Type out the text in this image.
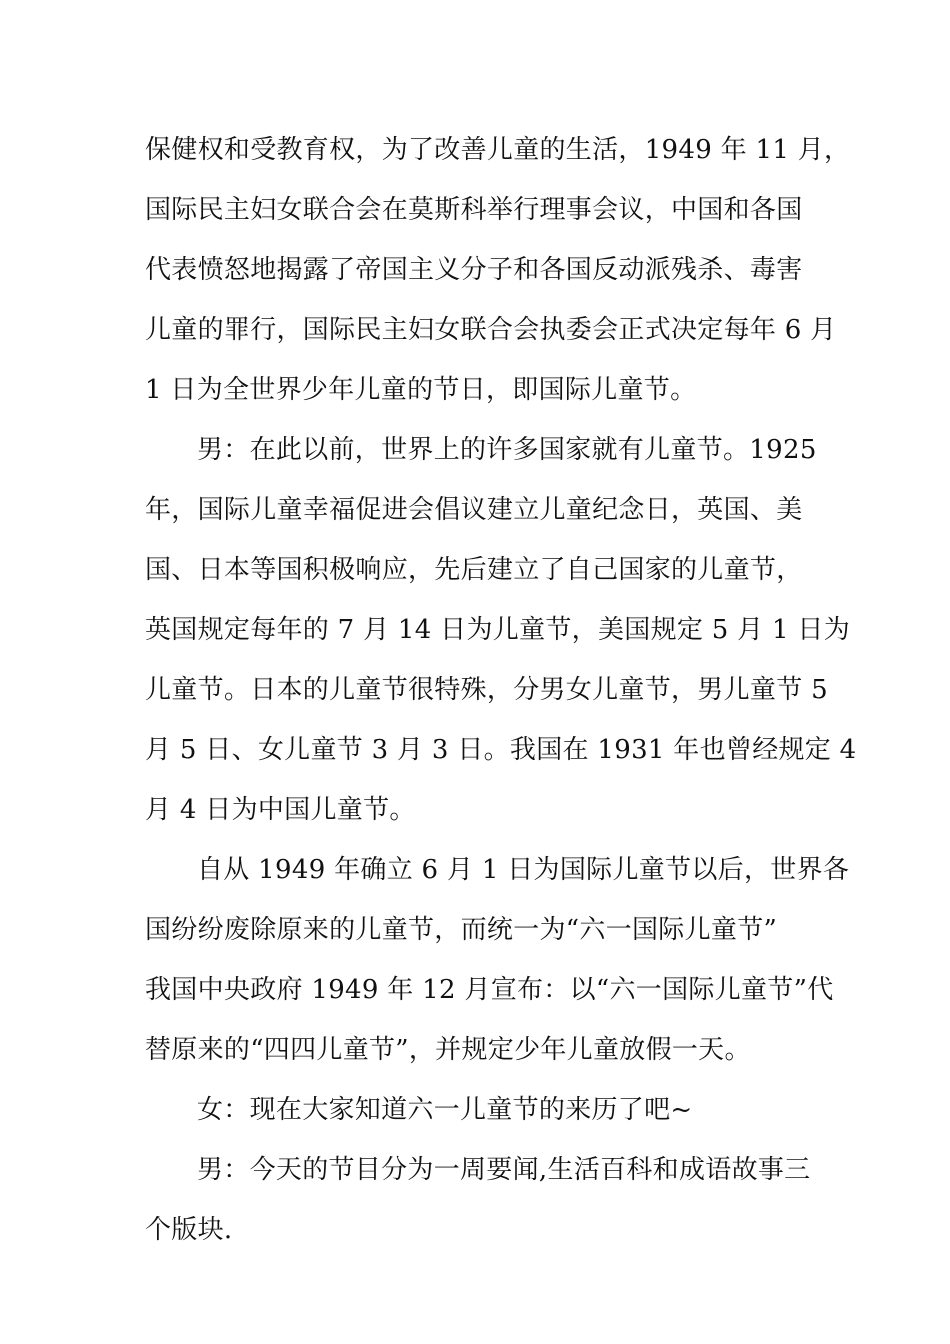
保健权和受教育权，为了改善儿童的生活，1949 年 11 月，
国际民主妇女联合会在莫斯科举行理事会议，中国和各国
代表愤怒地揭露了帝国主义分子和各国反动派残杀、毒害
儿童的罪行，国际民主妇女联合会执委会正式决定每年 6 月
1 日为全世界少年儿童的节日，即国际儿童节。
男：在此以前，世界上的许多国家就有儿童节。1925
年，国际儿童幸福促进会倡议建立儿童纪念日，英国、美
国、日本等国积极响应，先后建立了自己国家的儿童节，
英国规定每年的 7 月 14 日为儿童节，美国规定 5 月 1 日为
儿童节。日本的儿童节很特殊，分男女儿童节，男儿童节 5
月 5 日、女儿童节 3 月 3 日。我国在 1931 年也曾经规定 4
月 4 日为中国儿童节。
自从 1949 年确立 6 月 1 日为国际儿童节以后，世界各
国纷纷废除原来的儿童节，而统一为“六一国际儿童节”
我国中央政府 1949 年 12 月宣布：以“六一国际儿童节”代
替原来的“四四儿童节”，并规定少年儿童放假一天。
女：现在大家知道六一儿童节的来历了吧~
男：今天的节目分为一周要闻,生活百科和成语故事三
个版块.
